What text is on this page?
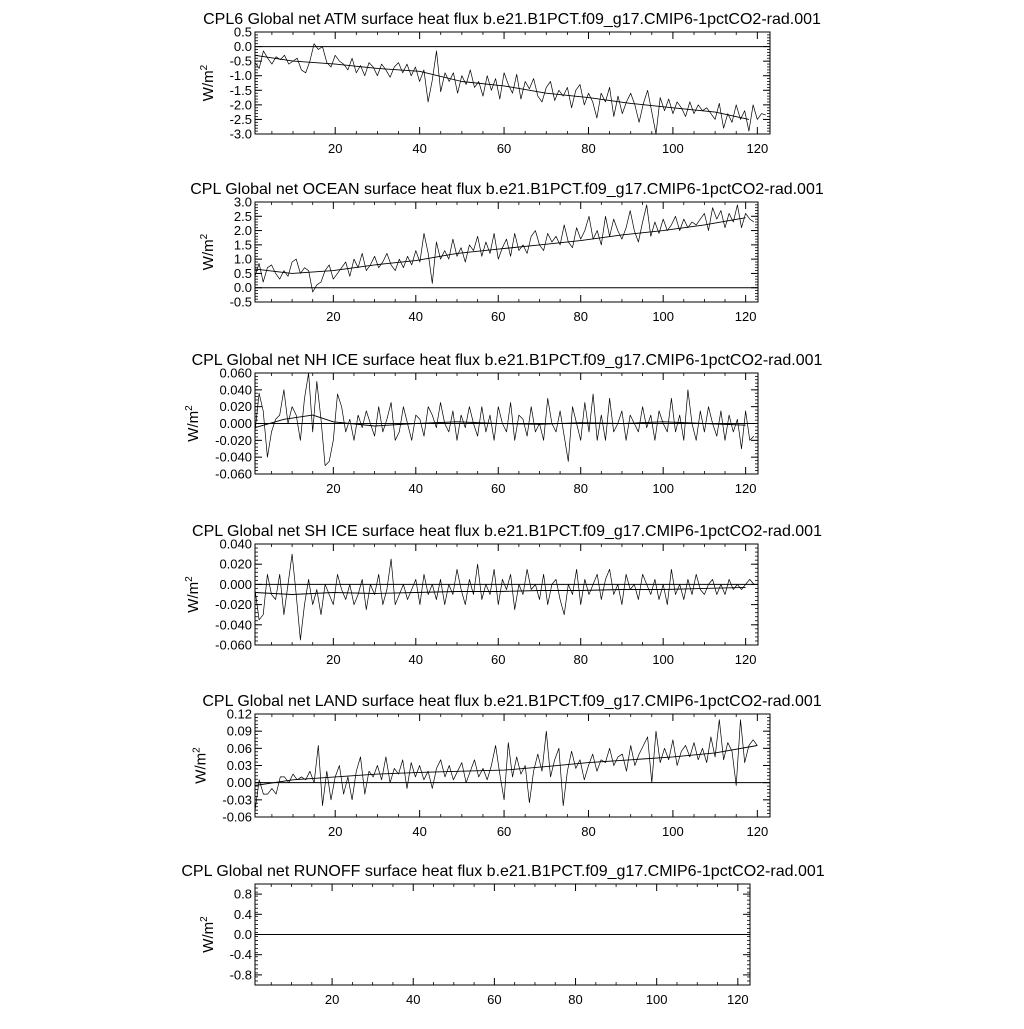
CPL6 Global net ATM surface heat flux b.e21.B1PCT.f09_g17.CMIP6-1pctCO2-rad.001
0.5
0.0
-0.5
-1.0
-1.5
-2.0
-2.5
-3.0
20	40	60	80	100	120
$W/m^2$
CPL Global net OCEAN surface heat flux b.e21.B1PCT.f09_g17.CMIP6-1pctCO2-rad.001
3.0
2.5
2.0
1.5
1.0
0.5
0.0
-0.5
20	40	60	80	100	120
$W/m^2$
CPL Global net NH ICE surface heat flux b.e21.B1PCT.f09_g17.CMIP6-1pctCO2-rad.001
0.060
0.040
0.020
0.000
-0.020
-0.040
-0.060
20	40	60	80	100	120
$W/m^2$
CPL Global net SH ICE surface heat flux b.e21.B1PCT.f09_g17.CMIP6-1pctCO2-rad.001
0.040
0.020
0.000
-0.020
-0.040
-0.060
20	40	60	80	100	120
$W/m^2$
CPL Global net LAND surface heat flux b.e21.B1PCT.f09_g17.CMIP6-1pctCO2-rad.001
0.12
0.09
0.06
0.03
0.00
-0.03
-0.06
20	40	60	80	100	120
$W/m^2$
CPL Global net RUNOFF surface heat flux b.e21.B1PCT.f09_g17.CMIP6-1pctCO2-rad.001
0.8
0.4
0.0
-0.4
-0.8
20	40	60	80	100	120
$W/m^2$
